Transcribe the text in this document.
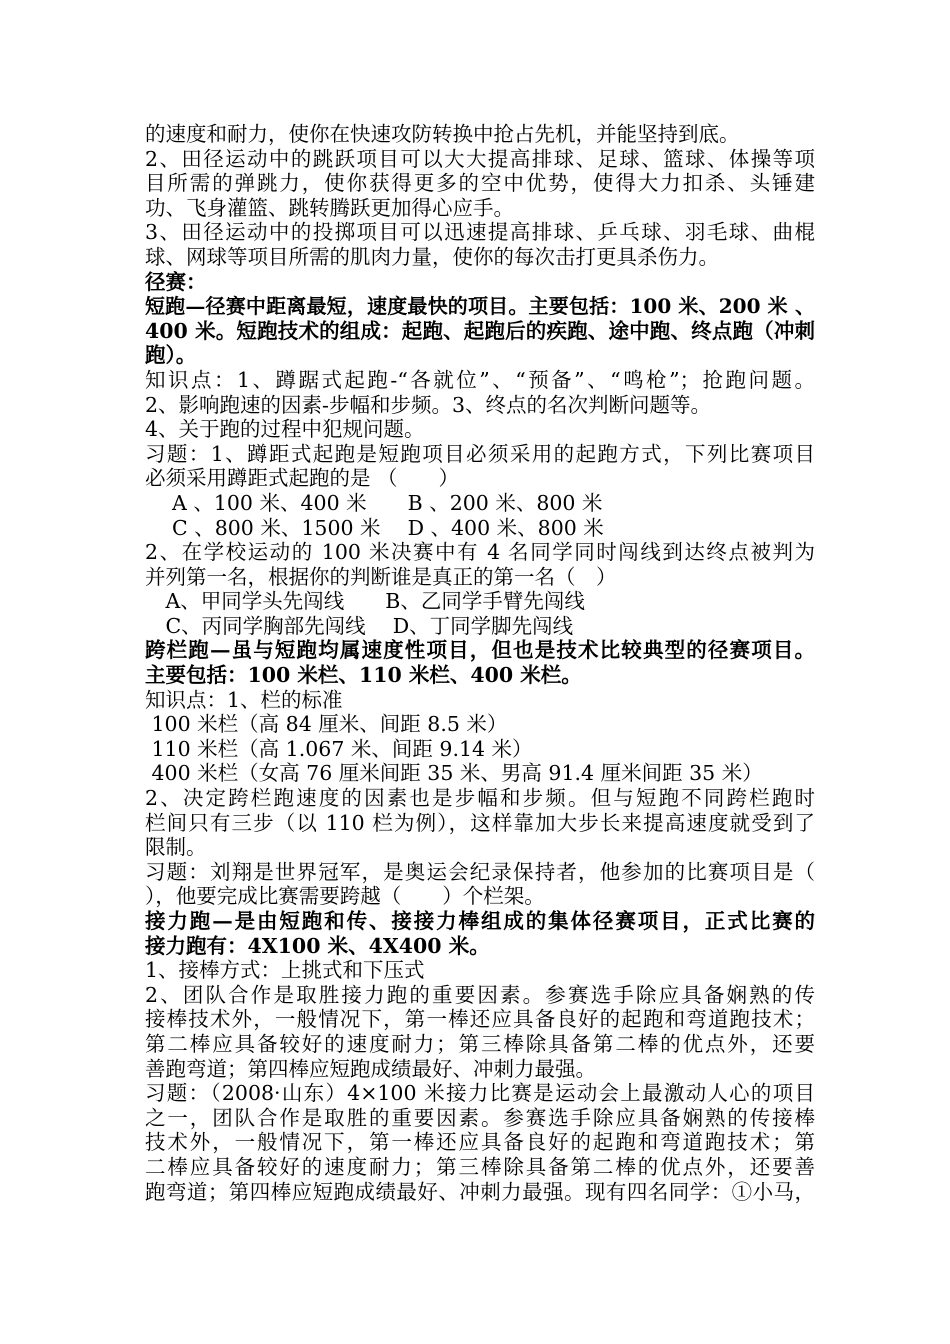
的速度和耐力，使你在快速攻防转换中抢占先机，并能坚持到底。
2、田径运动中的跳跃项目可以大大提高排球、足球、篮球、体操等项
目所需的弹跳力，使你获得更多的空中优势，使得大力扣杀、头锤建
功、飞身灌篮、跳转腾跃更加得心应手。
3、田径运动中的投掷项目可以迅速提高排球、乒乓球、羽毛球、曲棍
球、网球等项目所需的肌肉力量，使你的每次击打更具杀伤力。
径赛：
短跑—径赛中距离最短，速度最快的项目。主要包括：100 米、200 米 、
400 米。短跑技术的组成：起跑、起跑后的疾跑、途中跑、终点跑（冲刺
跑）。
知识点：1、蹲踞式起跑-“各就位”、“预备”、“鸣枪”；抢跑问题。
2、影响跑速的因素-步幅和步频。3、终点的名次判断问题等。
4、关于跑的过程中犯规问题。
习题：1、蹲距式起跑是短跑项目必须采用的起跑方式，下列比赛项目
必须采用蹲距式起跑的是 （　　）
　 A 、100 米、400 米　　B 、200 米、800 米
　 C 、800 米、1500 米　 D 、400 米、800 米
2、在学校运动的 100 米决赛中有 4 名同学同时闯线到达终点被判为
并列第一名，根据你的判断谁是真正的第一名（　）
　A、甲同学头先闯线　　B、乙同学手臂先闯线
　C、丙同学胸部先闯线　 D、丁同学脚先闯线
跨栏跑—虽与短跑均属速度性项目，但也是技术比较典型的径赛项目。
主要包括：100 米栏、110 米栏、400 米栏。
知识点：1、栏的标准
100 米栏（高 84 厘米、间距 8.5 米）
110 米栏（高 1.067 米、间距 9.14 米）
400 米栏（女高 76 厘米间距 35 米、男高 91.4 厘米间距 35 米）
2、决定跨栏跑速度的因素也是步幅和步频。但与短跑不同跨栏跑时
栏间只有三步（以 110 栏为例），这样靠加大步长来提高速度就受到了
限制。
习题：刘翔是世界冠军，是奥运会纪录保持者，他参加的比赛项目是（
），他要完成比赛需要跨越（　　）个栏架。
接力跑—是由短跑和传、接接力棒组成的集体径赛项目，正式比赛的
接力跑有：4X100 米、4X400 米。
1、接棒方式：上挑式和下压式
2、团队合作是取胜接力跑的重要因素。参赛选手除应具备娴熟的传
接棒技术外，一般情况下，第一棒还应具备良好的起跑和弯道跑技术；
第二棒应具备较好的速度耐力；第三棒除具备第二棒的优点外，还要
善跑弯道；第四棒应短跑成绩最好、冲刺力最强。
习题：（2008·山东）4×100 米接力比赛是运动会上最激动人心的项目
之一，团队合作是取胜的重要因素。参赛选手除应具备娴熟的传接棒
技术外，一般情况下，第一棒还应具备良好的起跑和弯道跑技术；第
二棒应具备较好的速度耐力；第三棒除具备第二棒的优点外，还要善
跑弯道；第四棒应短跑成绩最好、冲刺力最强。现有四名同学：①小马，
